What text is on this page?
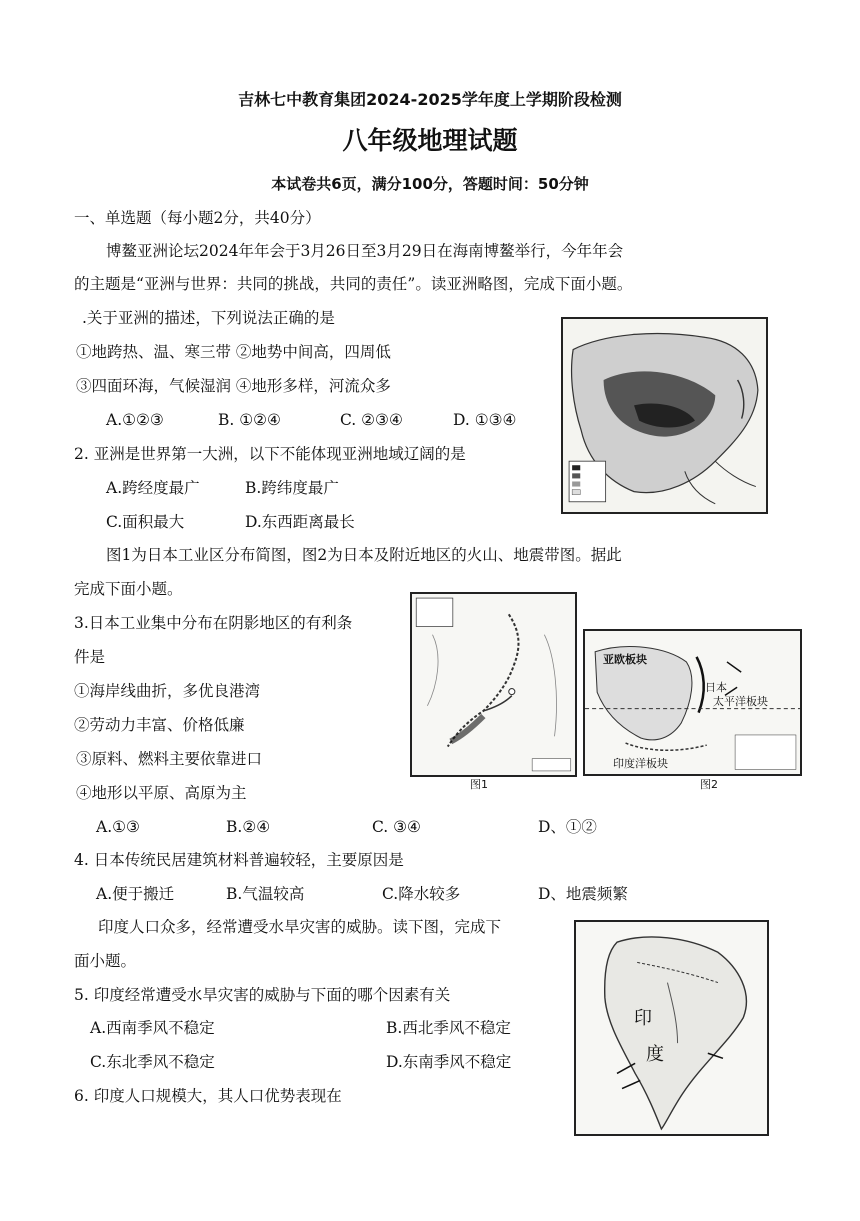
吉林七中教育集团2024-2025学年度上学期阶段检测
八年级地理试题
本试卷共6页，满分100分，答题时间：50分钟
一、单选题（每小题2分，共40分）
博鳌亚洲论坛2024年年会于3月26日至3月29日在海南博鳌举行，今年年会
的主题是“亚洲与世界：共同的挑战，共同的责任”。读亚洲略图，完成下面小题。
.关于亚洲的描述，下列说法正确的是
①地跨热、温、寒三带 ②地势中间高，四周低
③四面环海，气候湿润 ④地形多样，河流众多
A.①②③	B. ①②④	C. ②③④	D. ①③④
2. 亚洲是世界第一大洲，以下不能体现亚洲地域辽阔的是
A.跨经度最广	B.跨纬度最广
C.面积最大	D.东西距离最长
图1为日本工业区分布简图，图2为日本及附近地区的火山、地震带图。据此
完成下面小题。
3.日本工业集中分布在阴影地区的有利条
件是
①海岸线曲折，多优良港湾
②劳动力丰富、价格低廉
③原料、燃料主要依靠进口
④地形以平原、高原为主
A.①③	B.②④	C. ③④	D、①②
图1
亚欧板块
日本
太平洋板块
印度洋板块
图2
4. 日本传统民居建筑材料普遍较轻，主要原因是
A.便于搬迁	B.气温较高	C.降水较多	D、地震频繁
印度人口众多，经常遭受水旱灾害的威胁。读下图，完成下
面小题。
5. 印度经常遭受水旱灾害的威胁与下面的哪个因素有关
A.西南季风不稳定	B.西北季风不稳定
C.东北季风不稳定	D.东南季风不稳定
6. 印度人口规模大，其人口优势表现在
印
度
